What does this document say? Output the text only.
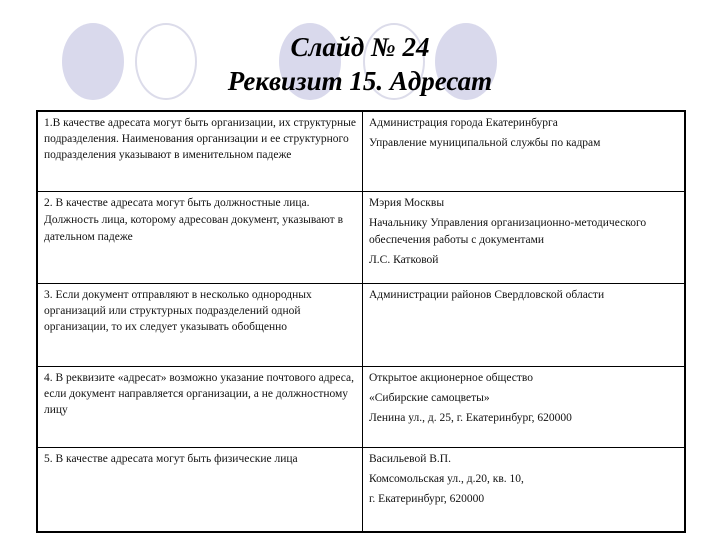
Слайд № 24
Реквизит 15. Адресат
1.В качестве адресата могут быть организации, их структурные подразделения. Наименования организации и ее структурного подразделения указывают в именительном падеже	Администрация города Екатеринбурга

Управление муниципальной службы по кадрам

2. В качестве адресата могут быть должностные лица. Должность лица, которому адресован документ, указывают в дательном падеже	Мэрия Москвы

Начальнику Управления организационно-методического обеспечения работы с документами

Л.С. Катковой

3. Если документ отправляют в несколько однородных организаций или структурных подразделений одной организации, то их следует указывать обобщенно	Администрации районов Свердловской области

4. В реквизите «адресат» возможно указание почтового адреса, если документ направляется организации, а не должностному лицу	Открытое акционерное общество

«Сибирские самоцветы»

Ленина ул., д. 25, г. Екатеринбург, 620000

5. В качестве адресата могут быть физические лица	Васильевой В.П.

Комсомольская ул., д.20, кв. 10,

г. Екатеринбург, 620000
